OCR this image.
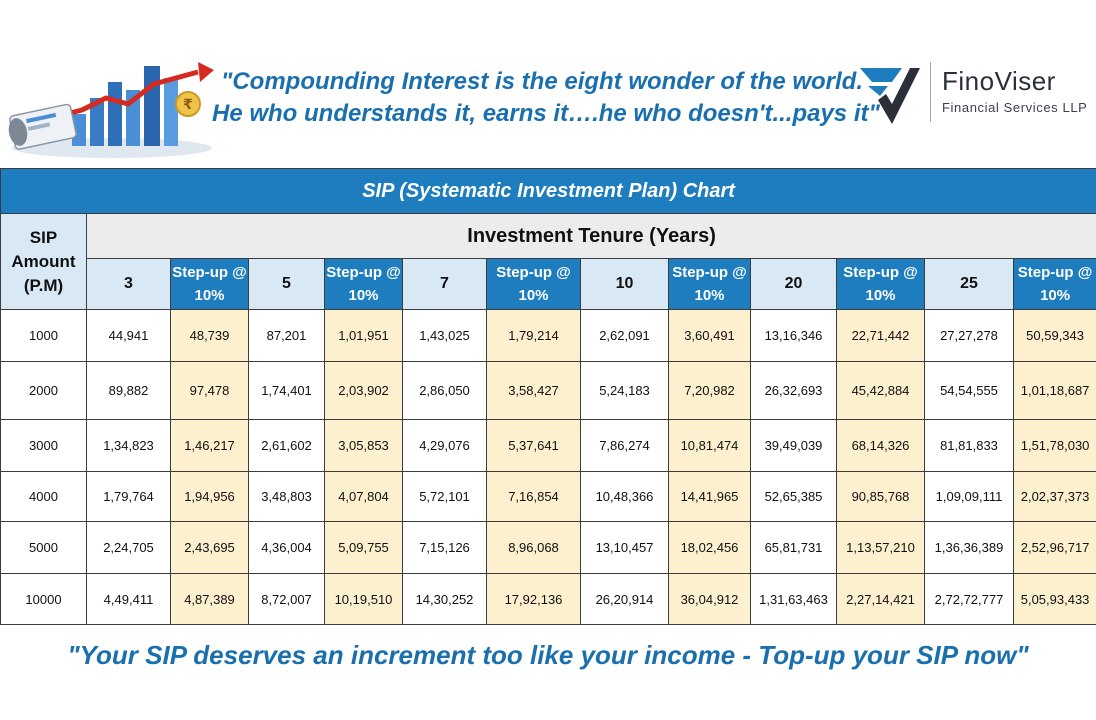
₹
"Compounding Interest is the eight wonder of the world.
He who understands it, earns it….he who doesn't...pays it"
FinoViser
Financial Services LLP
SIP (Systematic Investment Plan) Chart												
SIP Amount (P.M)	Investment Tenure (Years)											
	3	Step-up @ 10%	5	Step-up @ 10%	7	Step-up @ 10%	10	Step-up @ 10%	20	Step-up @ 10%	25	Step-up @ 10%
1000	44,941	48,739	87,201	1,01,951	1,43,025	1,79,214	2,62,091	3,60,491	13,16,346	22,71,442	27,27,278	50,59,343
2000	89,882	97,478	1,74,401	2,03,902	2,86,050	3,58,427	5,24,183	7,20,982	26,32,693	45,42,884	54,54,555	1,01,18,687
3000	1,34,823	1,46,217	2,61,602	3,05,853	4,29,076	5,37,641	7,86,274	10,81,474	39,49,039	68,14,326	81,81,833	1,51,78,030
4000	1,79,764	1,94,956	3,48,803	4,07,804	5,72,101	7,16,854	10,48,366	14,41,965	52,65,385	90,85,768	1,09,09,111	2,02,37,373
5000	2,24,705	2,43,695	4,36,004	5,09,755	7,15,126	8,96,068	13,10,457	18,02,456	65,81,731	1,13,57,210	1,36,36,389	2,52,96,717
10000	4,49,411	4,87,389	8,72,007	10,19,510	14,30,252	17,92,136	26,20,914	36,04,912	1,31,63,463	2,27,14,421	2,72,72,777	5,05,93,433
"Your SIP deserves an increment too like your income - Top-up your SIP now"
